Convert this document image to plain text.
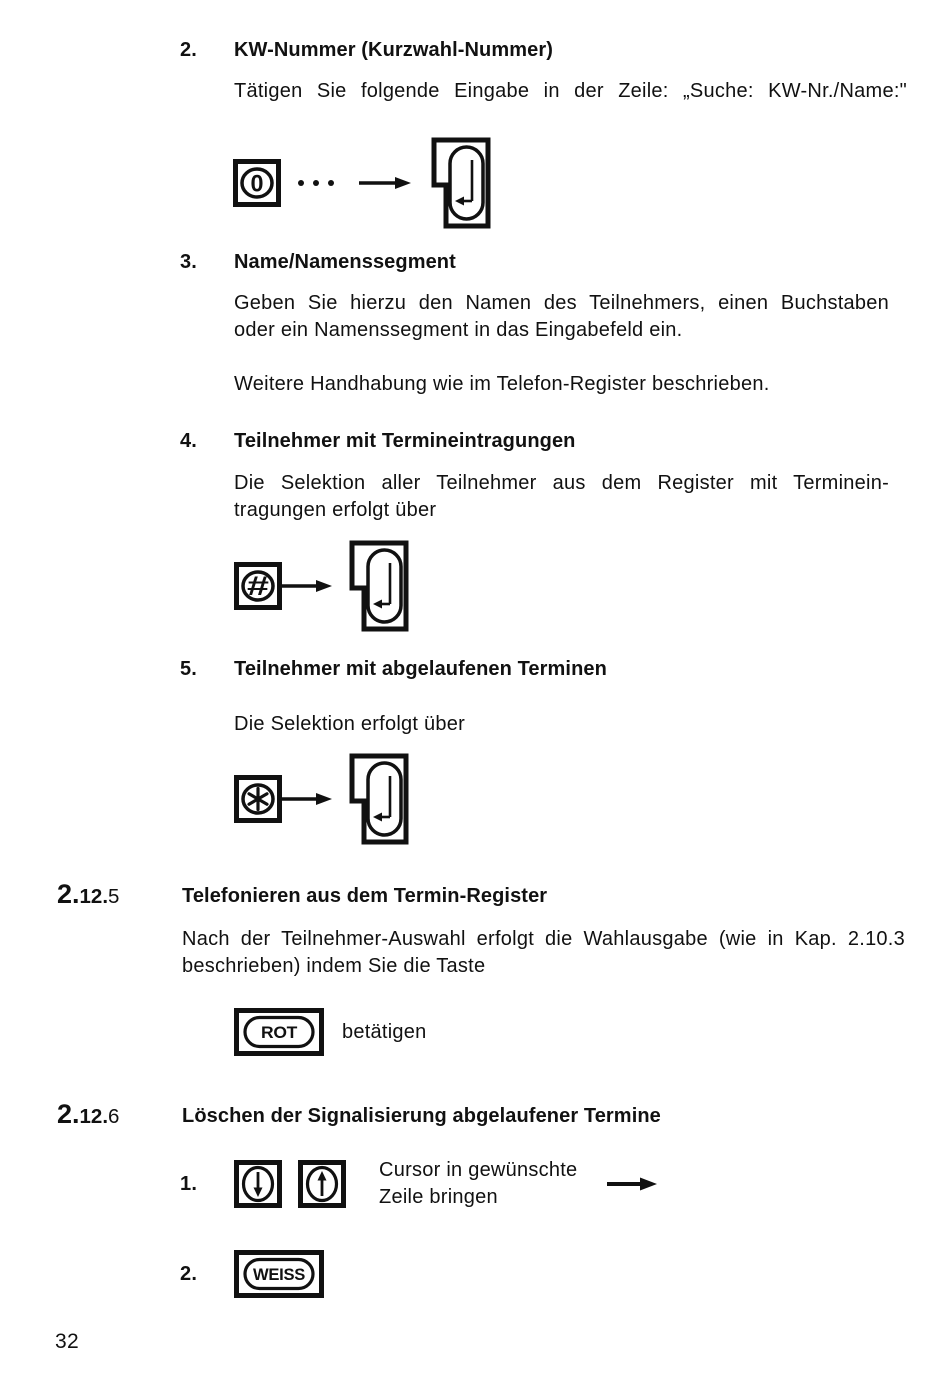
2.	KW-Nummer (Kurzwahl-Nummer)
Tätigen Sie folgende Eingabe in der Zeile: „Suche: KW-Nr./Name:"
0
3.	Name/Namenssegment
Geben Sie hierzu den Namen des Teilnehmers, einen Buchstaben
oder ein Namenssegment in das Eingabefeld ein.
Weitere Handhabung wie im Telefon-Register beschrieben.
4.	Teilnehmer mit Termineintragungen
Die Selektion aller Teilnehmer aus dem Register mit Terminein-
tragungen erfolgt über
#
5.	Teilnehmer mit abgelaufenen Terminen
Die Selektion erfolgt über
2.12.5	Telefonieren aus dem Termin-Register
Nach der Teilnehmer-Auswahl erfolgt die Wahlausgabe (wie in Kap. 2.10.3
beschrieben) indem Sie die Taste
ROT betätigen
2.12.6	Löschen der Signalisierung abgelaufener Termine
1.
Cursor in gewünschte
Zeile bringen
2.	WEISS
32
